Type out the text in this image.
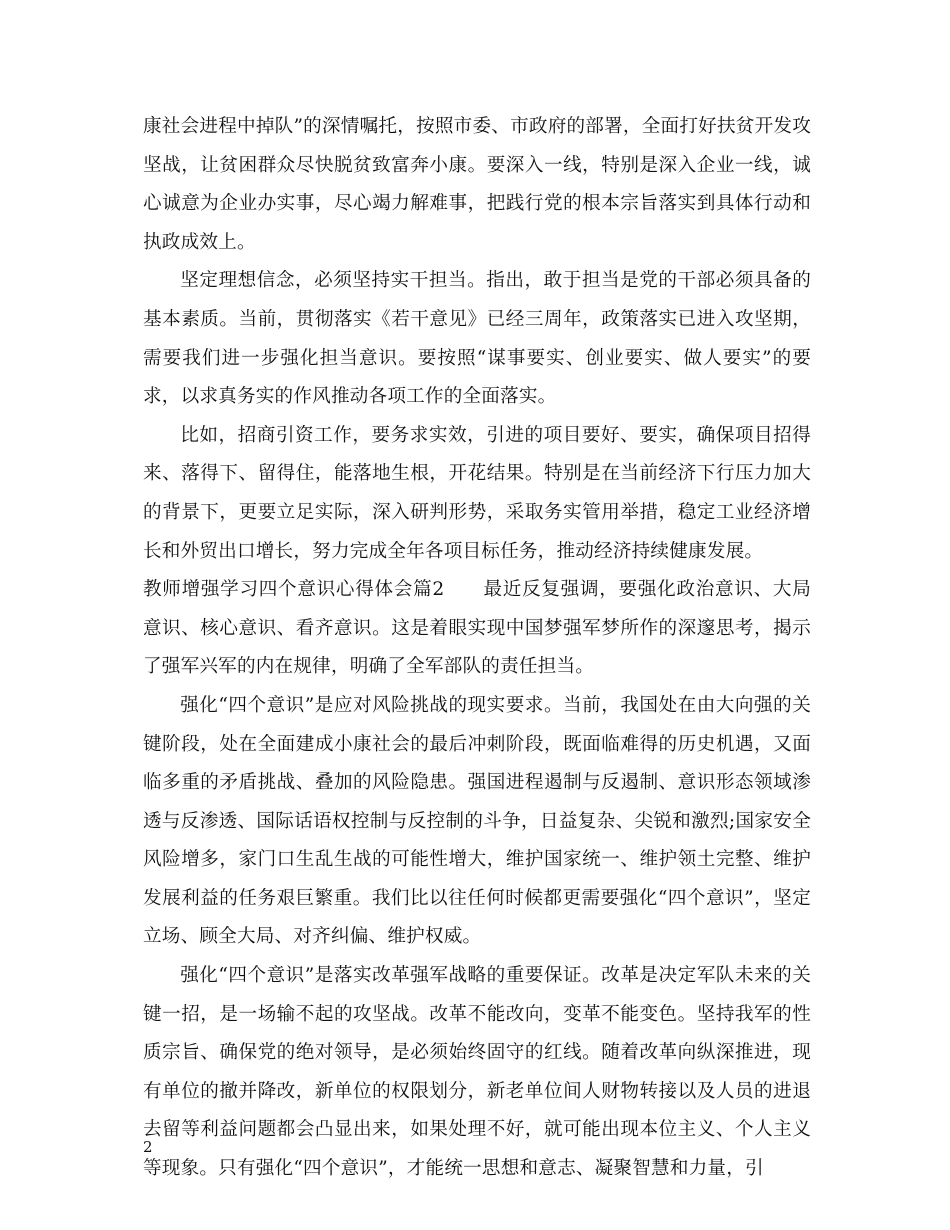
康社会进程中掉队”的深情嘱托，按照市委、市政府的部署，全面打好扶贫开发攻坚战，让贫困群众尽快脱贫致富奔小康。要深入一线，特别是深入企业一线，诚心诚意为企业办实事，尽心竭力解难事，把践行党的根本宗旨落实到具体行动和执政成效上。

坚定理想信念，必须坚持实干担当。指出，敢于担当是党的干部必须具备的基本素质。当前，贯彻落实《若干意见》已经三周年，政策落实已进入攻坚期，需要我们进一步强化担当意识。要按照“谋事要实、创业要实、做人要实”的要求，以求真务实的作风推动各项工作的全面落实。

比如，招商引资工作，要务求实效，引进的项目要好、要实，确保项目招得来、落得下、留得住，能落地生根，开花结果。特别是在当前经济下行压力加大的背景下，更要立足实际，深入研判形势，采取务实管用举措，稳定工业经济增长和外贸出口增长，努力完成全年各项目标任务，推动经济持续健康发展。

教师增强学习四个意识心得体会篇2　　最近反复强调，要强化政治意识、大局意识、核心意识、看齐意识。这是着眼实现中国梦强军梦所作的深邃思考，揭示了强军兴军的内在规律，明确了全军部队的责任担当。

强化“四个意识”是应对风险挑战的现实要求。当前，我国处在由大向强的关键阶段，处在全面建成小康社会的最后冲刺阶段，既面临难得的历史机遇，又面临多重的矛盾挑战、叠加的风险隐患。强国进程遏制与反遏制、意识形态领域渗透与反渗透、国际话语权控制与反控制的斗争，日益复杂、尖锐和激烈;国家安全风险增多，家门口生乱生战的可能性增大，维护国家统一、维护领土完整、维护发展利益的任务艰巨繁重。我们比以往任何时候都更需要强化“四个意识”，坚定立场、顾全大局、对齐纠偏、维护权威。

强化“四个意识”是落实改革强军战略的重要保证。改革是决定军队未来的关键一招，是一场输不起的攻坚战。改革不能改向，变革不能变色。坚持我军的性质宗旨、确保党的绝对领导，是必须始终固守的红线。随着改革向纵深推进，现有单位的撤并降改，新单位的权限划分，新老单位间人财物转接以及人员的进退去留等利益问题都会凸显出来，如果处理不好，就可能出现本位主义、个人主义等现象。只有强化“四个意识”，才能统一思想和意志、凝聚智慧和力量，引

2
